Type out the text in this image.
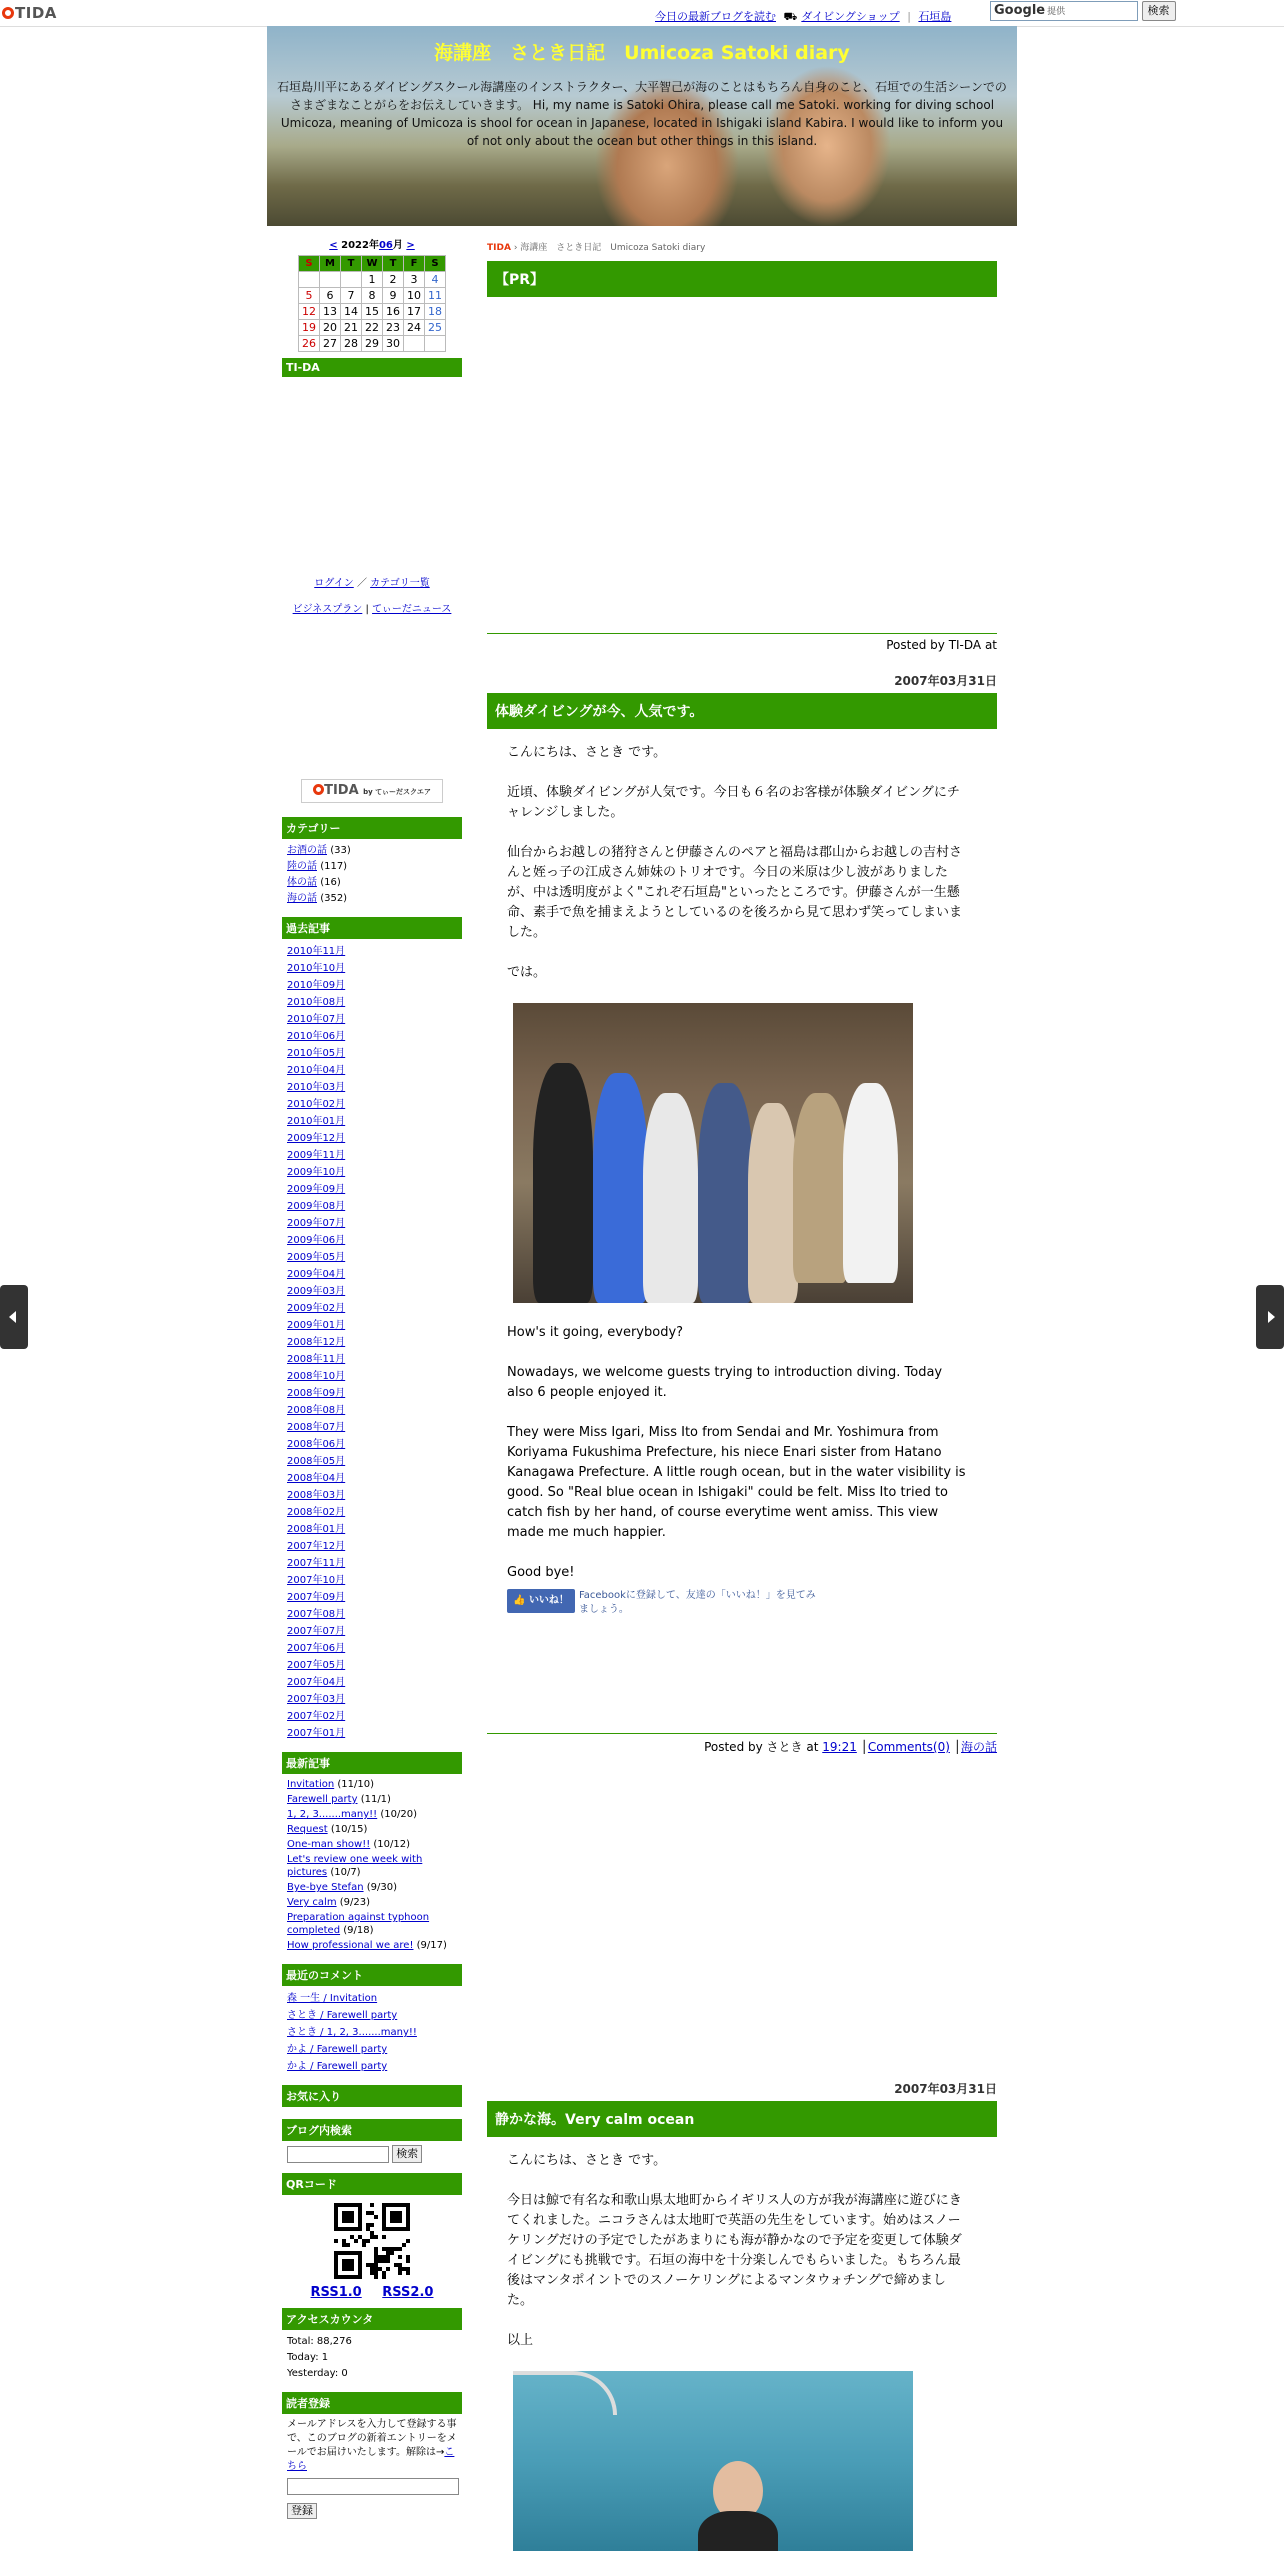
TIDA	今日の最新ブログを読む ⛟ ダイビングショップ | 石垣島	Google 提供	検索
海講座　さとき日記　Umicoza Satoki diary
石垣島川平にあるダイビングスクール海講座のインストラクター、大平智己が海のことはもちろん自身のこと、石垣での生活シーンでのさまざまなことがらをお伝えしていきます。 Hi, my name is Satoki Ohira, please call me Satoki. working for diving school Umicoza, meaning of Umicoza is shool for ocean in Japanese, located in Ishigaki island Kabira. I would like to inform you of not only about the ocean but other things in this island.
< 2022年06月 >
S	M	T	W	T	F	S
			1	2	3	4
5	6	7	8	9	10	11
12	13	14	15	16	17	18
19	20	21	22	23	24	25
26	27	28	29	30		
TI-DA
ログイン ／ カテゴリ一覧
ビジネスプラン | てぃーだニュース
TIDA by てぃーだスクエア
カテゴリー
お酒の話 (33)
陸の話 (117)
体の話 (16)
海の話 (352)
過去記事
2010年11月
2010年10月
2010年09月
2010年08月
2010年07月
2010年06月
2010年05月
2010年04月
2010年03月
2010年02月
2010年01月
2009年12月
2009年11月
2009年10月
2009年09月
2009年08月
2009年07月
2009年06月
2009年05月
2009年04月
2009年03月
2009年02月
2009年01月
2008年12月
2008年11月
2008年10月
2008年09月
2008年08月
2008年07月
2008年06月
2008年05月
2008年04月
2008年03月
2008年02月
2008年01月
2007年12月
2007年11月
2007年10月
2007年09月
2007年08月
2007年07月
2007年06月
2007年05月
2007年04月
2007年03月
2007年02月
2007年01月
最新記事
Invitation (11/10)
Farewell party (11/1)
1, 2, 3.......many!! (10/20)
Request (10/15)
One-man show!! (10/12)
Let's review one week with pictures (10/7)
Bye-bye Stefan (9/30)
Very calm (9/23)
Preparation against typhoon completed (9/18)
How professional we are! (9/17)
最近のコメント
森 一生 / Invitation
さとき / Farewell party
さとき / 1, 2, 3.......many!!
かよ / Farewell party
かよ / Farewell party
お気に入り
ブログ内検索
検索
QRコード
RSS1.0 RSS2.0
アクセスカウンタ
Total: 88,276
Today: 1
Yesterday: 0
読者登録
メールアドレスを入力して登録する事で、このブログの新着エントリーをメールでお届けいたします。解除は→こちら
登録
TIDA › 海講座　さとき日記　Umicoza Satoki diary
【PR】
Posted by TI-DA at
2007年03月31日
体験ダイビングが今、人気です。

こんにちは、さとき です。

近頃、体験ダイビングが人気です。今日も６名のお客様が体験ダイビングにチャレンジしました。

仙台からお越しの猪狩さんと伊藤さんのペアと福島は郡山からお越しの吉村さんと姪っ子の江成さん姉妹のトリオです。今日の米原は少し波がありましたが、中は透明度がよく"これぞ石垣島"といったところです。伊藤さんが一生懸命、素手で魚を捕まえようとしているのを後ろから見て思わず笑ってしまいました。

では。

How's it going, everybody?

Nowadays, we welcome guests trying to introduction diving. Today also 6 people enjoyed it.

They were Miss Igari, Miss Ito from Sendai and Mr. Yoshimura from Koriyama Fukushima Prefecture, his niece Enari sister from Hatano Kanagawa Prefecture. A little rough ocean, but in the water visibility is good. So "Real blue ocean in Ishigaki" could be felt. Miss Ito tried to catch fish by her hand, of course everytime went amiss. This view made me much happier.

Good bye!

👍 いいね！	Facebookに登録して、友達の「いいね！」を見てみましょう。
Posted by さとき at 19:21 │Comments(0) │海の話
2007年03月31日
静かな海。Very calm ocean

こんにちは、さとき です。

今日は鯨で有名な和歌山県太地町からイギリス人の方が我が海講座に遊びにきてくれました。ニコラさんは太地町で英語の先生をしています。始めはスノーケリングだけの予定でしたがあまりにも海が静かなので予定を変更して体験ダイビングにも挑戦です。石垣の海中を十分楽しんでもらいました。もちろん最後はマンタポイントでのスノーケリングによるマンタウォチングで締めました。

以上
